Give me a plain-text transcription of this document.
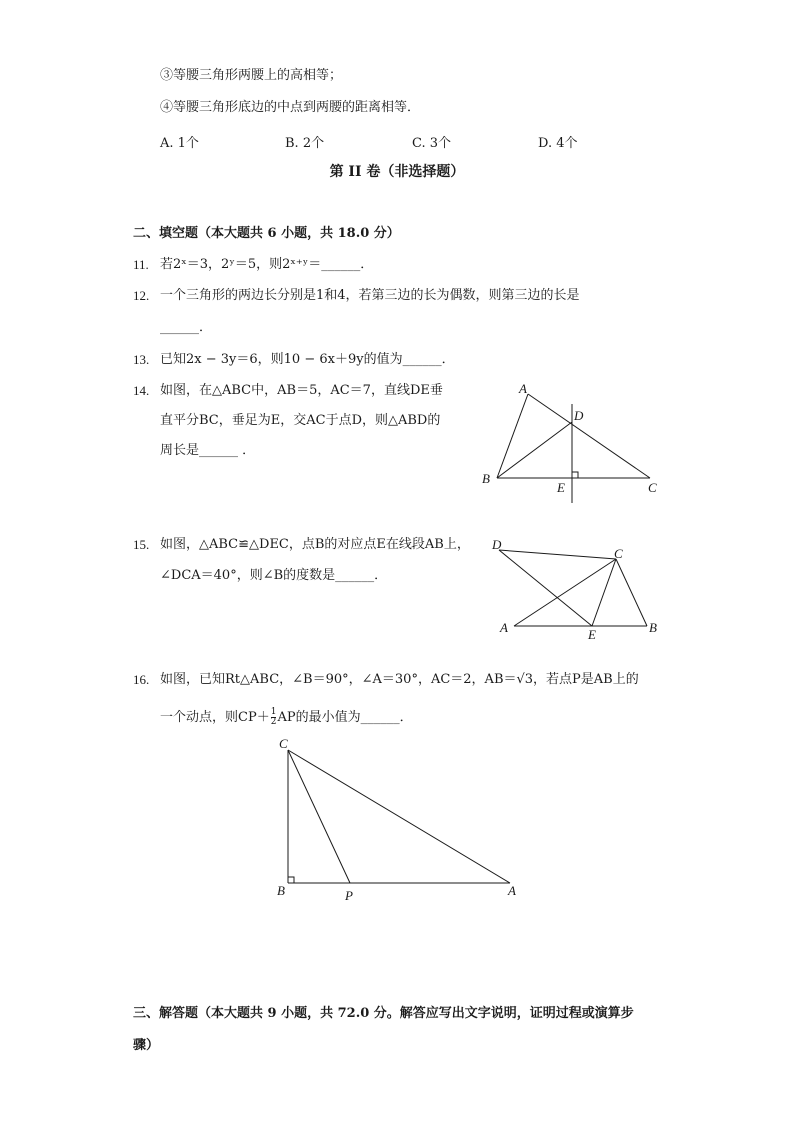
③等腰三角形两腰上的高相等；
④等腰三角形底边的中点到两腰的距离相等．
A. 1个	B. 2个	C. 3个	D. 4个
第 II 卷（非选择题）
二、填空题（本大题共 6 小题，共 18.0 分）
11. 若2ˣ＝3，2ʸ＝5，则2ˣ⁺ʸ＝______．
12. 一个三角形的两边长分别是1和4，若第三边的长为偶数，则第三边的长是
______．
13. 已知2x − 3y＝6，则10 − 6x＋9y的值为______．
14. 如图，在△ABC中，AB＝5，AC＝7，直线DE垂
直平分BC，垂足为E，交AC于点D，则△ABD的
周长是______ ．
A
B
C
D
E
15. 如图，△ABC≌△DEC，点B的对应点E在线段AB上，
∠DCA＝40°，则∠B的度数是______．
A	B
C
D
E
16. 如图，已知Rt△ABC，∠B＝90°，∠A＝30°，AC＝2，AB＝√3，若点P是AB上的
一个动点，则$CP+ \frac{1}{2}$ AP的最小值为______．
C
B	P	A
三、解答题（本大题共 9 小题，共 72.0 分。解答应写出文字说明，证明过程或演算步
骤）
